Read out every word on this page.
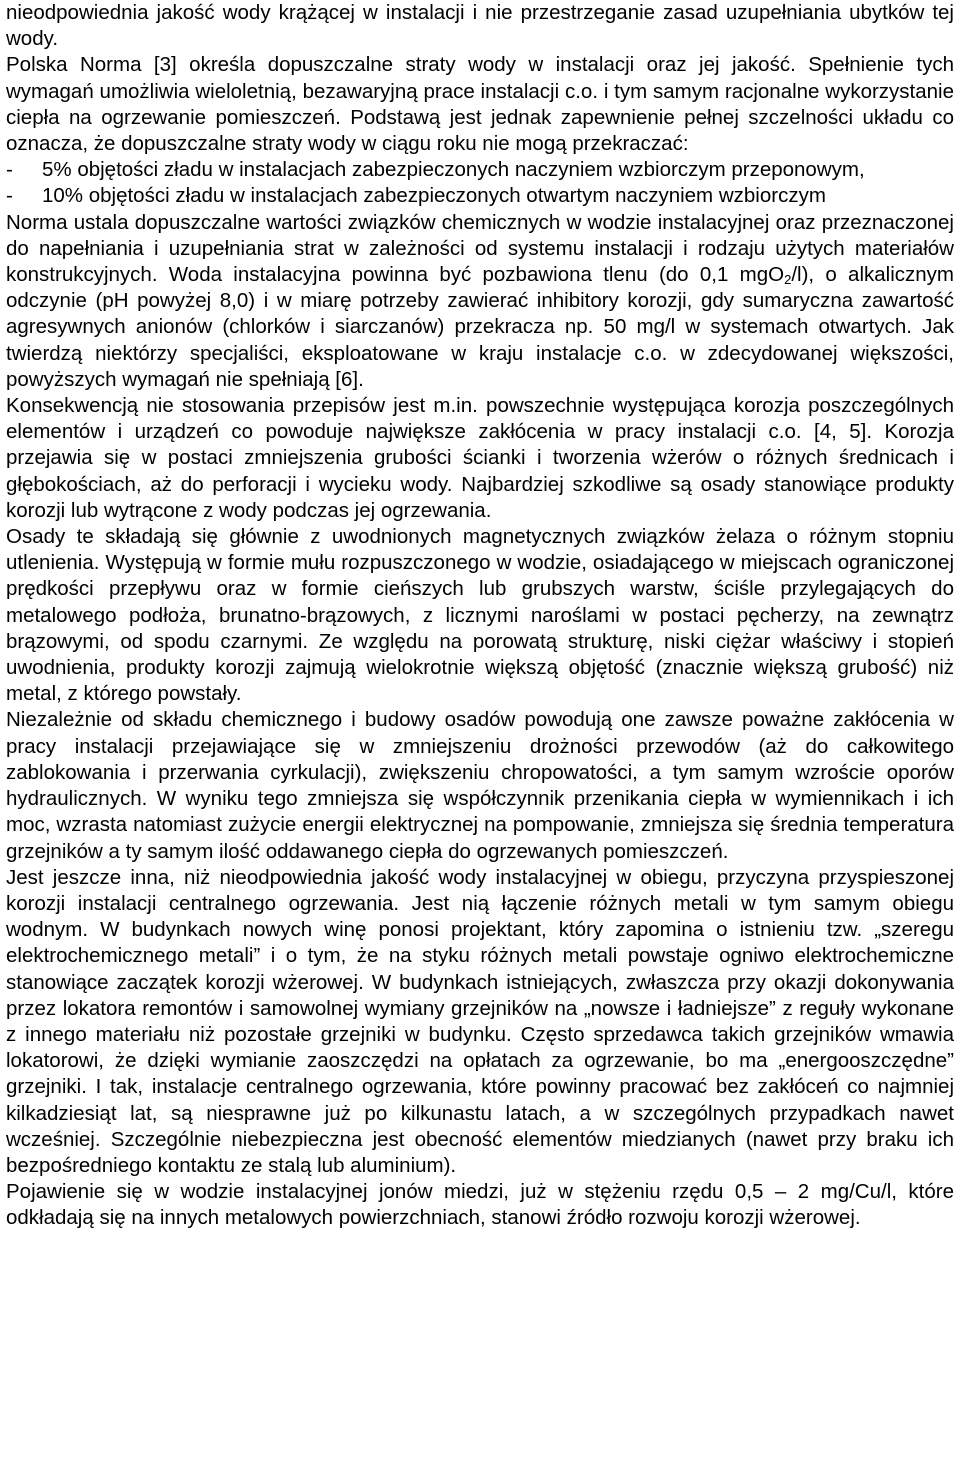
nieodpowiednia jakość wody krążącej w instalacji i nie przestrzeganie zasad uzupełniania ubytków tej wody.

Polska Norma [3] określa dopuszczalne straty wody w instalacji oraz jej jakość. Spełnienie tych wymagań umożliwia wieloletnią, bezawaryjną prace instalacji c.o. i tym samym racjonalne wykorzystanie ciepła na ogrzewanie pomieszczeń. Podstawą jest jednak zapewnienie pełnej szczelności układu co oznacza, że dopuszczalne straty wody w ciągu roku nie mogą przekraczać:

-	5% objętości zładu w instalacjach zabezpieczonych naczyniem wzbiorczym przeponowym,
-	10% objętości zładu w instalacjach zabezpieczonych otwartym naczyniem wzbiorczym

Norma ustala dopuszczalne wartości związków chemicznych w wodzie instalacyjnej oraz przeznaczonej do napełniania i uzupełniania strat w zależności od systemu instalacji i rodzaju użytych materiałów konstrukcyjnych. Woda instalacyjna powinna być pozbawiona tlenu (do 0,1 mgO$_2$/l), o alkalicznym odczynie (pH powyżej 8,0) i w miarę potrzeby zawierać inhibitory korozji, gdy sumaryczna zawartość agresywnych anionów (chlorków i siarczanów) przekracza np. 50 mg/l w systemach otwartych. Jak twierdzą niektórzy specjaliści, eksploatowane w kraju instalacje c.o. w zdecydowanej większości, powyższych wymagań nie spełniają [6].

Konsekwencją nie stosowania przepisów jest m.in. powszechnie występująca korozja poszczególnych elementów i urządzeń co powoduje największe zakłócenia w pracy instalacji c.o. [4, 5]. Korozja przejawia się w postaci zmniejszenia grubości ścianki i tworzenia wżerów o różnych średnicach i głębokościach, aż do perforacji i wycieku wody. Najbardziej szkodliwe są osady stanowiące produkty korozji lub wytrącone z wody podczas jej ogrzewania.

Osady te składają się głównie z uwodnionych magnetycznych związków żelaza o różnym stopniu utlenienia. Występują w formie mułu rozpuszczonego w wodzie, osiadającego w miejscach ograniczonej prędkości przepływu oraz w formie cieńszych lub grubszych warstw, ściśle przylegających do metalowego podłoża, brunatno-brązowych, z licznymi naroślami w postaci pęcherzy, na zewnątrz brązowymi, od spodu czarnymi. Ze względu na porowatą strukturę, niski ciężar właściwy i stopień uwodnienia, produkty korozji zajmują wielokrotnie większą objętość (znacznie większą grubość) niż metal, z którego powstały.

Niezależnie od składu chemicznego i budowy osadów powodują one zawsze poważne zakłócenia w pracy instalacji przejawiające się w zmniejszeniu drożności przewodów (aż do całkowitego zablokowania i przerwania cyrkulacji), zwiększeniu chropowatości, a tym samym wzroście oporów hydraulicznych. W wyniku tego zmniejsza się współczynnik przenikania ciepła w wymiennikach i ich moc, wzrasta natomiast zużycie energii elektrycznej na pompowanie, zmniejsza się średnia temperatura grzejników a ty samym ilość oddawanego ciepła do ogrzewanych pomieszczeń.

Jest jeszcze inna, niż nieodpowiednia jakość wody instalacyjnej w obiegu, przyczyna przyspieszonej korozji instalacji centralnego ogrzewania. Jest nią łączenie różnych metali w tym samym obiegu wodnym. W budynkach nowych winę ponosi projektant, który zapomina o istnieniu tzw. „szeregu elektrochemicznego metali” i o tym, że na styku różnych metali powstaje ogniwo elektrochemiczne stanowiące zaczątek korozji wżerowej. W budynkach istniejących, zwłaszcza przy okazji dokonywania przez lokatora remontów i samowolnej wymiany grzejników na „nowsze i ładniejsze” z reguły wykonane z innego materiału niż pozostałe grzejniki w budynku. Często sprzedawca takich grzejników wmawia lokatorowi, że dzięki wymianie zaoszczędzi na opłatach za ogrzewanie, bo ma „energooszczędne” grzejniki. I tak, instalacje centralnego ogrzewania, które powinny pracować bez zakłóceń co najmniej kilkadziesiąt lat, są niesprawne już po kilkunastu latach, a w szczególnych przypadkach nawet wcześniej. Szczególnie niebezpieczna jest obecność elementów miedzianych (nawet przy braku ich bezpośredniego kontaktu ze stalą lub aluminium).

Pojawienie się w wodzie instalacyjnej jonów miedzi, już w stężeniu rzędu 0,5 – 2 mg/Cu/l, które odkładają się na innych metalowych powierzchniach, stanowi źródło rozwoju korozji wżerowej.
